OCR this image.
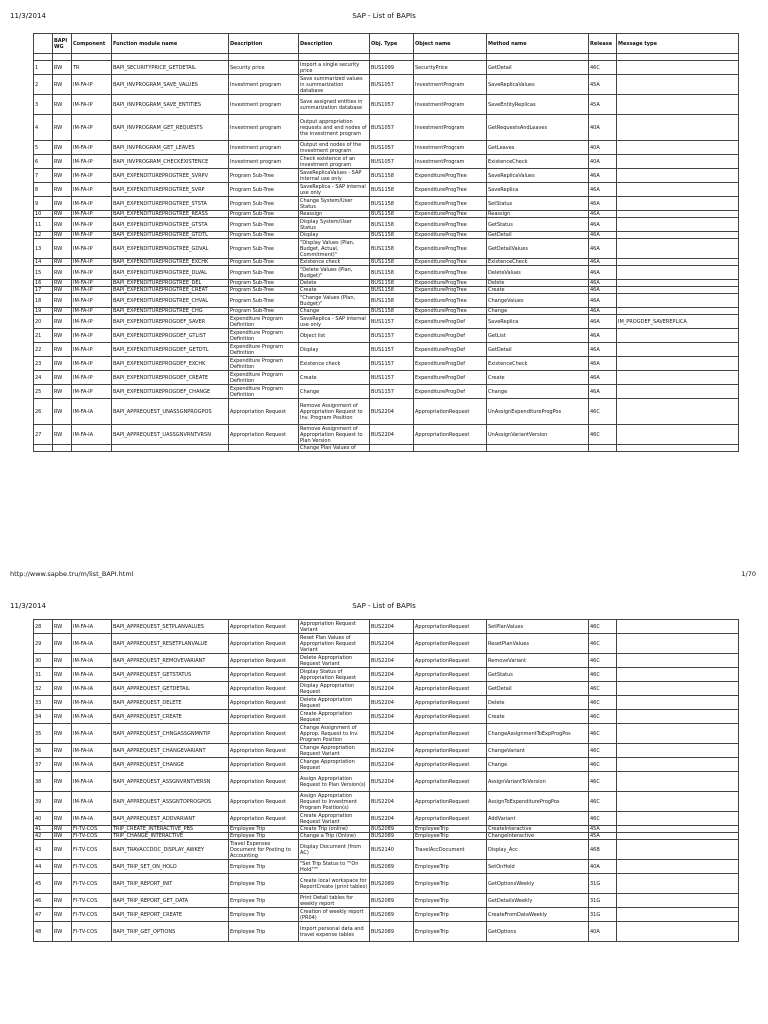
11/3/2014	SAP - List of BAPIs
	BAPI WG	Component	Function module name	Description	Description	Obj. Type	Object name	Method name	Release	Message type

1	RW	TR	BAPI_SECURITYPRICE_GETDETAIL	Security price	Import a single security price	BUS1099	SecurityPrice	GetDetail	46C	
2	RW	IM-FA-IP	BAPI_INVPROGRAM_SAVE_VALUES	Investment program	Save summarized values in summarization database	BUS1057	InvestmentProgram	SaveReplicaValues	45A	
3	RW	IM-FA-IP	BAPI_INVPROGRAM_SAVE_ENTITIES	Investment program	Save assigned entities in summarization database	BUS1057	InvestmentProgram	SaveEntityReplicas	45A	
4	RW	IM-FA-IP	BAPI_INVPROGRAM_GET_REQUESTS	Investment program	Output appropriation requests and end nodes of the investment program	BUS1057	InvestmentProgram	GetRequestsAndLeaves	40A	
5	RW	IM-FA-IP	BAPI_INVPROGRAM_GET_LEAVES	Investment program	Output end nodes of the investment program	BUS1057	InvestmentProgram	GetLeaves	40A	
6	RW	IM-FA-IP	BAPI_INVPROGRAM_CHECKEXISTENCE	Investment program	Check existence of an investment program	BUS1057	InvestmentProgram	ExistenceCheck	40A	
7	RW	IM-FA-IP	BAPI_EXPENDITUREPROGTREE_SVRPV	Program Sub-Tree	SaveReplicaValues - SAP internal use only	BUS1158	ExpenditureProgTree	SaveReplicaValues	46A	
8	RW	IM-FA-IP	BAPI_EXPENDITUREPROGTREE_SVRP	Program Sub-Tree	SaveReplica - SAP internal use only	BUS1158	ExpenditureProgTree	SaveReplica	46A	
9	RW	IM-FA-IP	BAPI_EXPENDITUREPROGTREE_STSTA	Program Sub-Tree	Change System/User Status	BUS1158	ExpenditureProgTree	SetStatus	46A	
10	RW	IM-FA-IP	BAPI_EXPENDITUREPROGTREE_REASS	Program Sub-Tree	Reassign	BUS1158	ExpenditureProgTree	Reassign	46A	
11	RW	IM-FA-IP	BAPI_EXPENDITUREPROGTREE_GTSTA	Program Sub-Tree	Display System/User Status	BUS1158	ExpenditureProgTree	GetStatus	46A	
12	RW	IM-FA-IP	BAPI_EXPENDITUREPROGTREE_GTDTL	Program Sub-Tree	Display	BUS1158	ExpenditureProgTree	GetDetail	46A	
13	RW	IM-FA-IP	BAPI_EXPENDITUREPROGTREE_GDVAL	Program Sub-Tree	"Display Values (Plan, Budget, Actual, Commitment)"	BUS1158	ExpenditureProgTree	GetDetailValues	46A	
14	RW	IM-FA-IP	BAPI_EXPENDITUREPROGTREE_EXCHK	Program Sub-Tree	Existence check	BUS1158	ExpenditureProgTree	ExistenceCheck	46A	
15	RW	IM-FA-IP	BAPI_EXPENDITUREPROGTREE_DLVAL	Program Sub-Tree	"Delete Values (Plan, Budget)"	BUS1158	ExpenditureProgTree	DeleteValues	46A	
16	RW	IM-FA-IP	BAPI_EXPENDITUREPROGTREE_DEL	Program Sub-Tree	Delete	BUS1158	ExpenditureProgTree	Delete	46A	
17	RW	IM-FA-IP	BAPI_EXPENDITUREPROGTREE_CREAT	Program Sub-Tree	Create	BUS1158	ExpenditureProgTree	Create	46A	
18	RW	IM-FA-IP	BAPI_EXPENDITUREPROGTREE_CHVAL	Program Sub-Tree	"Change Values (Plan, Budget)"	BUS1158	ExpenditureProgTree	ChangeValues	46A	
19	RW	IM-FA-IP	BAPI_EXPENDITUREPROGTREE_CHG	Program Sub-Tree	Change	BUS1158	ExpenditureProgTree	Change	46A	
20	RW	IM-FA-IP	BAPI_EXPENDITUREPROGDEF_SAVER	Expenditure Program Definition	SaveReplica - SAP internal use only	BUS1157	ExpenditureProgDef	SaveReplica	46A	IM_PROGDEF_SAVEREPLICA
21	RW	IM-FA-IP	BAPI_EXPENDITUREPROGDEF_GTLIST	Expenditure Program Definition	Object list	BUS1157	ExpenditureProgDef	GetList	46A	
22	RW	IM-FA-IP	BAPI_EXPENDITUREPROGDEF_GETDTL	Expenditure Program Definition	Display	BUS1157	ExpenditureProgDef	GetDetail	46A	
23	RW	IM-FA-IP	BAPI_EXPENDITUREPROGDEF_EXCHK	Expenditure Program Definition	Existence check	BUS1157	ExpenditureProgDef	ExistenceCheck	46A	
24	RW	IM-FA-IP	BAPI_EXPENDITUREPROGDEF_CREATE	Expenditure Program Definition	Create	BUS1157	ExpenditureProgDef	Create	46A	
25	RW	IM-FA-IP	BAPI_EXPENDITUREPROGDEF_CHANGE	Expenditure Program Definition	Change	BUS1157	ExpenditureProgDef	Change	46A	
26	RW	IM-FA-IA	BAPI_APPREQUEST_UNASSGNPROGPOS	Appropriation Request	Remove Assignment of Appropriation Request to Inv. Program Position	BUS2204	AppropriationRequest	UnAssignExpenditureProgPos	46C	
27	RW	IM-FA-IA	BAPI_APPREQUEST_UASSGNVRNTVRSN	Appropriation Request	Remove Assignment of Appropriation Request to Plan Version	BUS2204	AppropriationRequest	UnAssignVariantVersion	46C	
					Change Plan Values of					
http://www.sapbe.tru/m/list_BAPI.html	1/70
11/3/2014	SAP - List of BAPIs
28	RW	IM-FA-IA	BAPI_APPREQUEST_SETPLANVALUES	Appropriation Request	Appropriation Request Variant	BUS2204	AppropriationRequest	SetPlanValues	46C	
29	RW	IM-FA-IA	BAPI_APPREQUEST_RESETPLANVALUE	Appropriation Request	Reset Plan Values of Appropriation Request Variant	BUS2204	AppropriationRequest	ResetPlanValues	46C	
30	RW	IM-FA-IA	BAPI_APPREQUEST_REMOVEVARIANT	Appropriation Request	Delete Appropriation Request Variant	BUS2204	AppropriationRequest	RemoveVariant	46C	
31	RW	IM-FA-IA	BAPI_APPREQUEST_GETSTATUS	Appropriation Request	Display Status of Appropriation Request	BUS2204	AppropriationRequest	GetStatus	46C	
32	RW	IM-FA-IA	BAPI_APPREQUEST_GETDETAIL	Appropriation Request	Display Appropriation Request	BUS2204	AppropriationRequest	GetDetail	46C	
33	RW	IM-FA-IA	BAPI_APPREQUEST_DELETE	Appropriation Request	Delete Appropriation Request	BUS2204	AppropriationRequest	Delete	46C	
34	RW	IM-FA-IA	BAPI_APPREQUEST_CREATE	Appropriation Request	Create Appropriation Request	BUS2204	AppropriationRequest	Create	46C	
35	RW	IM-FA-IA	BAPI_APPREQUEST_CHNGASSGNMNTIP	Appropriation Request	Change Assignment of Approp. Request to Inv. Program Position	BUS2204	AppropriationRequest	ChangeAssignmentToExpProgPos	46C	
36	RW	IM-FA-IA	BAPI_APPREQUEST_CHANGEVARIANT	Appropriation Request	Change Appropriation Request Variant	BUS2204	AppropriationRequest	ChangeVariant	46C	
37	RW	IM-FA-IA	BAPI_APPREQUEST_CHANGE	Appropriation Request	Change Appropriation Request	BUS2204	AppropriationRequest	Change	46C	
38	RW	IM-FA-IA	BAPI_APPREQUEST_ASSGNVRNTVERSN	Appropriation Request	Assign Appropriation Request to Plan Version(s)	BUS2204	AppropriationRequest	AssignVariantToVersion	46C	
39	RW	IM-FA-IA	BAPI_APPREQUEST_ASSGNTOPROGPOS	Appropriation Request	Assign Appropriation Request to Investment Program Position(s)	BUS2204	AppropriationRequest	AssignToExpenditureProgPos	46C	
40	RW	IM-FA-IA	BAPI_APPREQUEST_ADDVARIANT	Appropriation Request	Create Appropriation Request Variant	BUS2204	AppropriationRequest	AddVariant	46C	
41	RW	FI-TV-COS	TRIP_CREATE_INTERACTIVE_PBS	Employee Trip	Create Trip (online)	BUS2089	EmployeeTrip	CreateInteractive	45A	
42	RW	FI-TV-COS	TRIP_CHANGE_INTERACTIVE	Employee Trip	Change a Trip (Online)	BUS2089	EmployeeTrip	ChangeInteractive	45A	
43	RW	FI-TV-COS	BAPI_TRAVACCDOC_DISPLAY_AWKEY	Travel Expenses Document for Posting to Accounting	Display Document (from AC)	BUS2140	TravelAccDocument	Display_Acc	46B	
44	RW	FI-TV-COS	BAPI_TRIP_SET_ON_HOLD	Employee Trip	"Set Trip Status to ""On Hold"""	BUS2089	EmployeeTrip	SetOnHold	40A	
45	RW	FI-TV-COS	BAPI_TRIP_REPORT_INIT	Employee Trip	Create local workspace for ReportCreate (print tables)	BUS2089	EmployeeTrip	GetOptionsWeekly	31G	
46	RW	FI-TV-COS	BAPI_TRIP_REPORT_GET_DATA	Employee Trip	Print Detail tables for weekly report	BUS2089	EmployeeTrip	GetDetailsWeekly	31G	
47	RW	FI-TV-COS	BAPI_TRIP_REPORT_CREATE	Employee Trip	Creation of weekly report (PR04)	BUS2089	EmployeeTrip	CreateFromDataWeekly	31G	
48	RW	FI-TV-COS	BAPI_TRIP_GET_OPTIONS	Employee Trip	Import personal data and travel expense tables	BUS2089	EmployeeTrip	GetOptions	40A	
